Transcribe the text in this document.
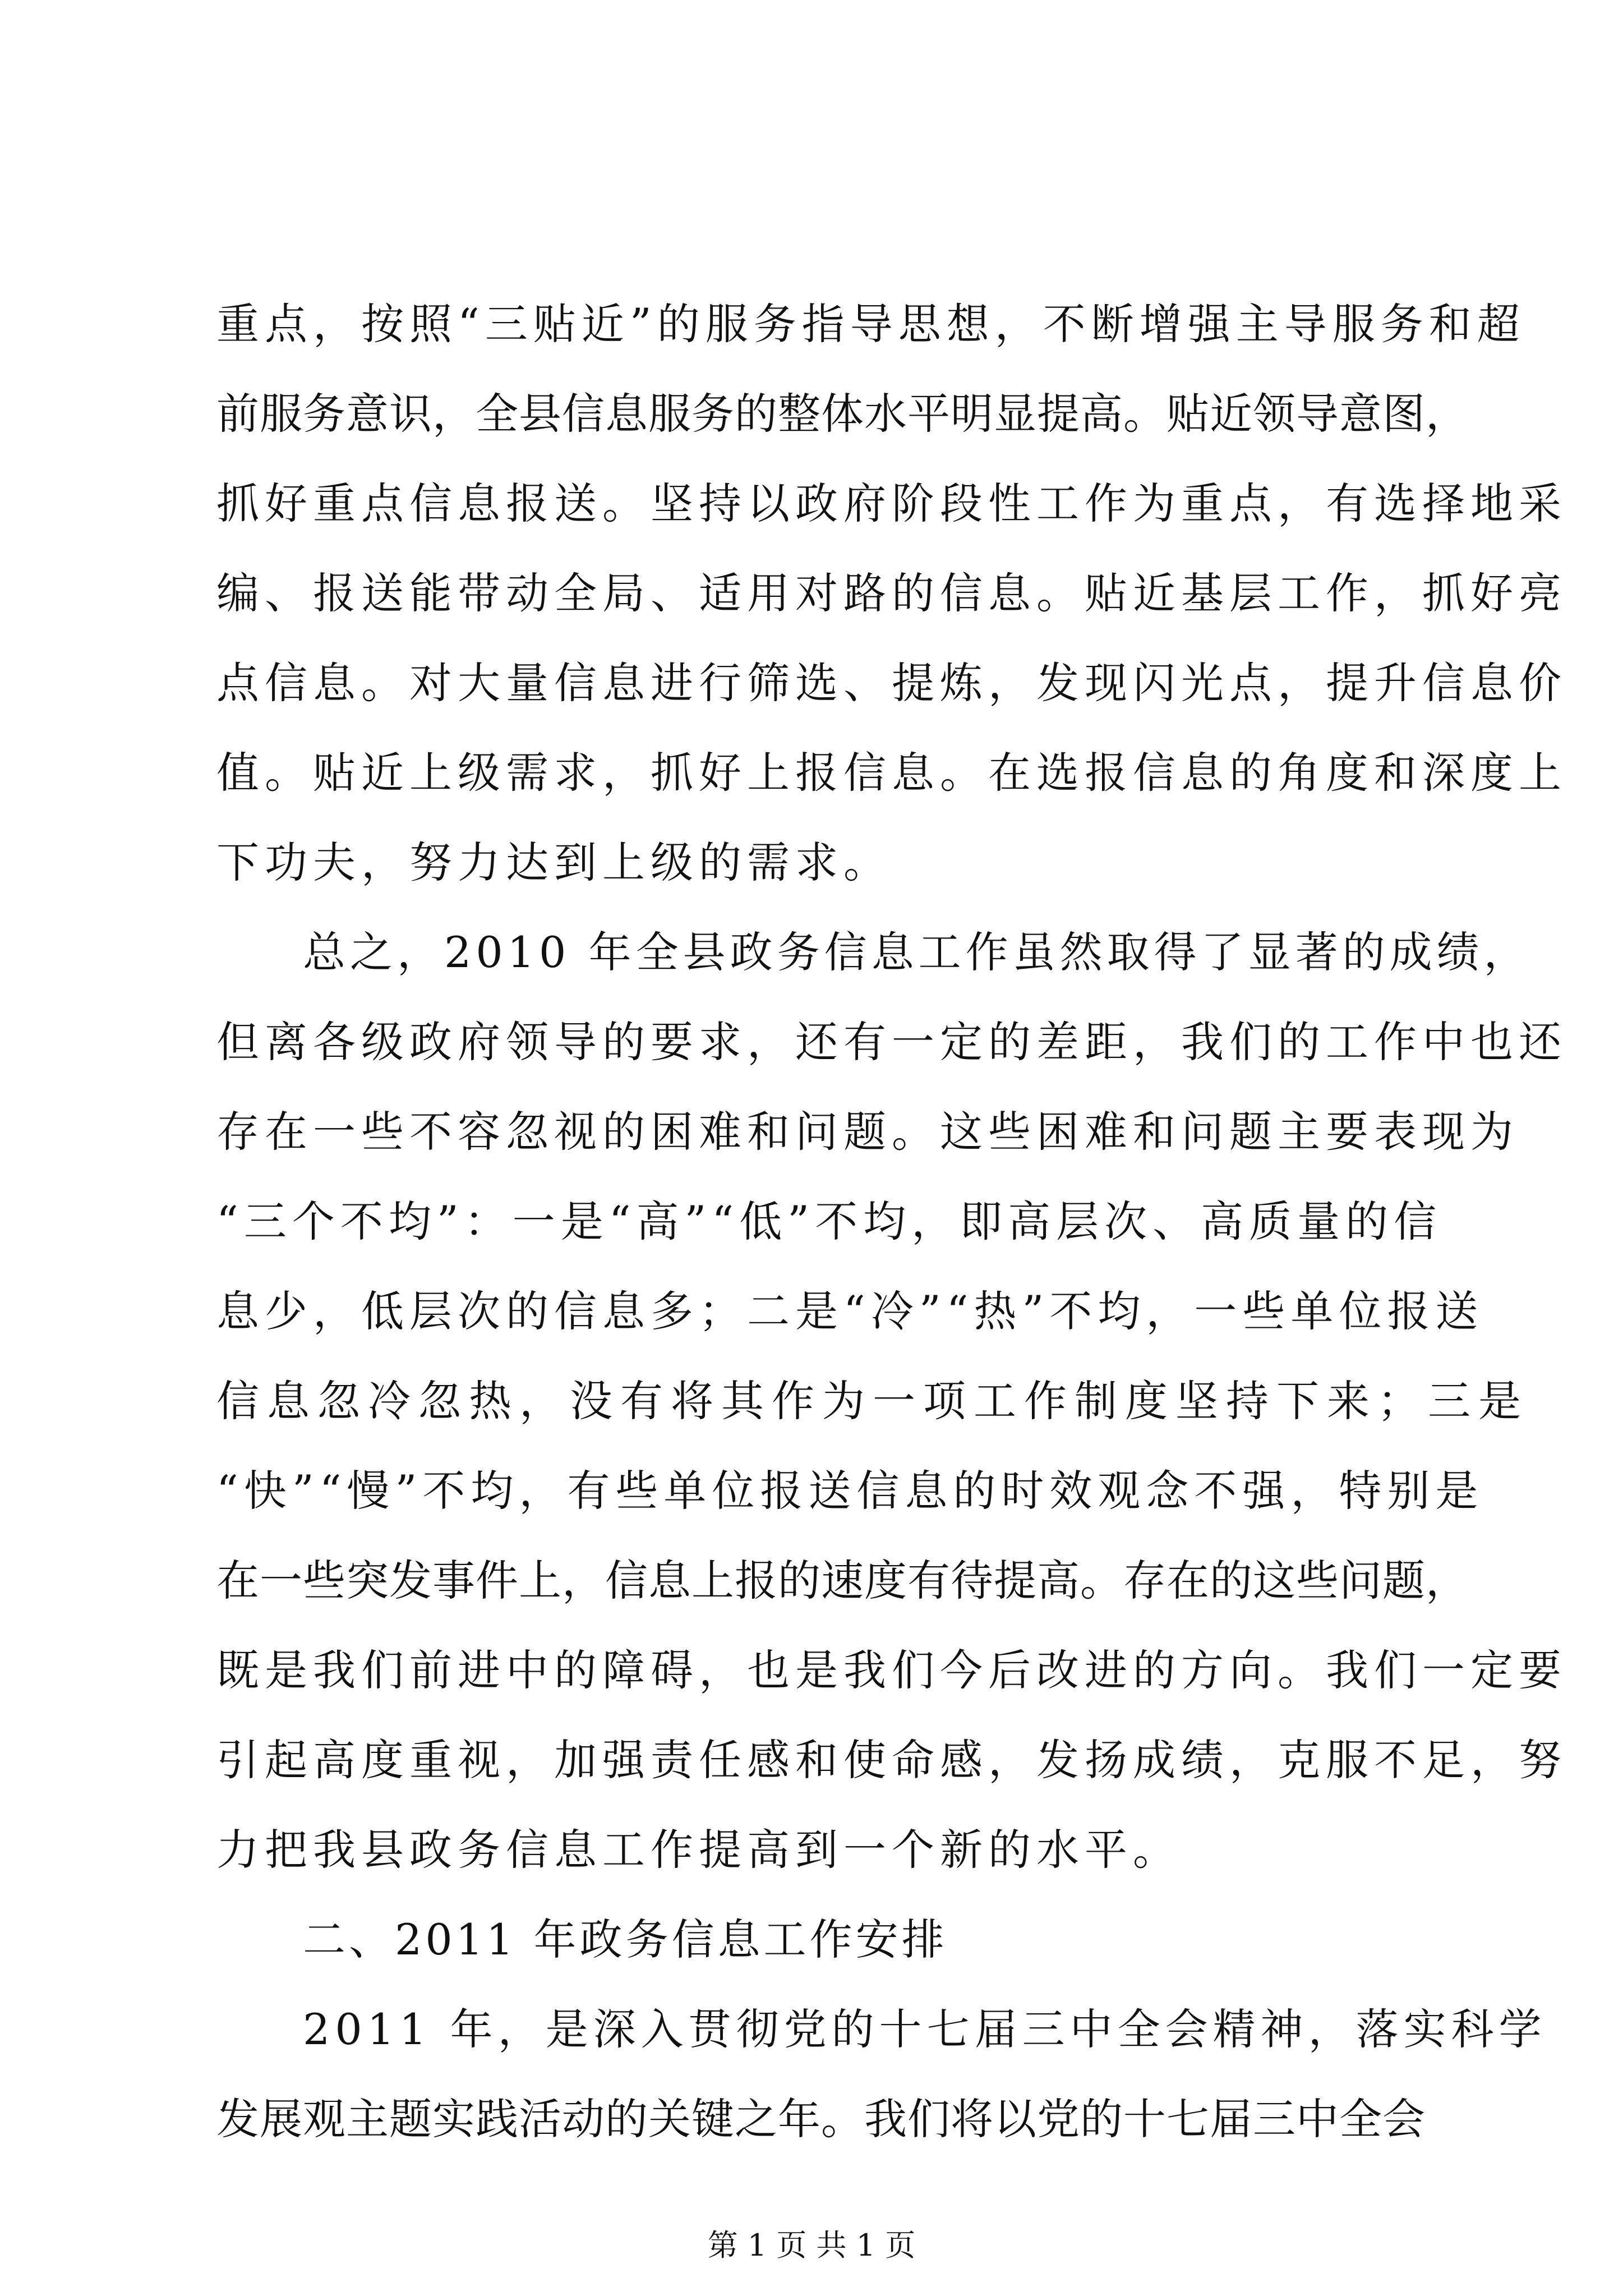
重点，按照“三贴近”的服务指导思想，不断增强主导服务和超

前服务意识，全县信息服务的整体水平明显提高。贴近领导意图，

抓好重点信息报送。坚持以政府阶段性工作为重点，有选择地采

编、报送能带动全局、适用对路的信息。贴近基层工作，抓好亮

点信息。对大量信息进行筛选、提炼，发现闪光点，提升信息价

值。贴近上级需求，抓好上报信息。在选报信息的角度和深度上

下功夫，努力达到上级的需求。

总之，2010 年全县政务信息工作虽然取得了显著的成绩，

但离各级政府领导的要求，还有一定的差距，我们的工作中也还

存在一些不容忽视的困难和问题。这些困难和问题主要表现为

“三个不均”：一是“高”“低”不均，即高层次、高质量的信

息少，低层次的信息多；二是“冷”“热”不均，一些单位报送

信息忽冷忽热，没有将其作为一项工作制度坚持下来；三是

“快”“慢”不均，有些单位报送信息的时效观念不强，特别是

在一些突发事件上，信息上报的速度有待提高。存在的这些问题，

既是我们前进中的障碍，也是我们今后改进的方向。我们一定要

引起高度重视，加强责任感和使命感，发扬成绩，克服不足，努

力把我县政务信息工作提高到一个新的水平。

二、2011 年政务信息工作安排

2011 年，是深入贯彻党的十七届三中全会精神，落实科学

发展观主题实践活动的关键之年。我们将以党的十七届三中全会

第 1 页 共 1 页
